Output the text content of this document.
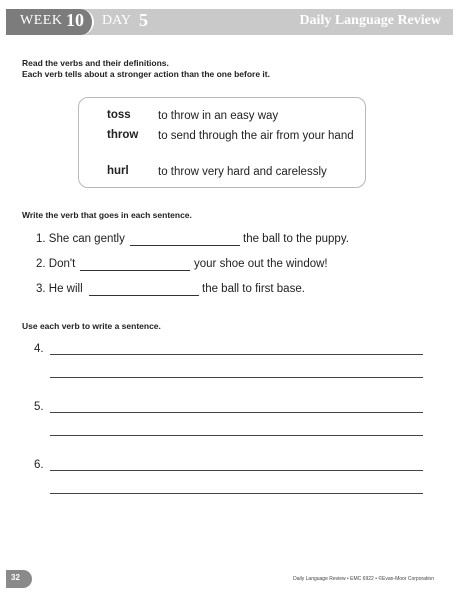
WEEK 10 DAY 5	Daily Language Review
Read the verbs and their definitions.
Each verb tells about a stronger action than the one before it.
toss to throw in an easy way
throw to send through the air from your hand
hurl	to throw very hard and carelessly
Write the verb that goes in each sentence.
1. She can gently	the ball to the puppy.
2. Don't	your shoe out the window!
3. He will	the ball to first base.
Use each verb to write a sentence.
4.
5.
6.
32	Daily Language Review • EMC 6922 • ©Evan-Moor Corporation
